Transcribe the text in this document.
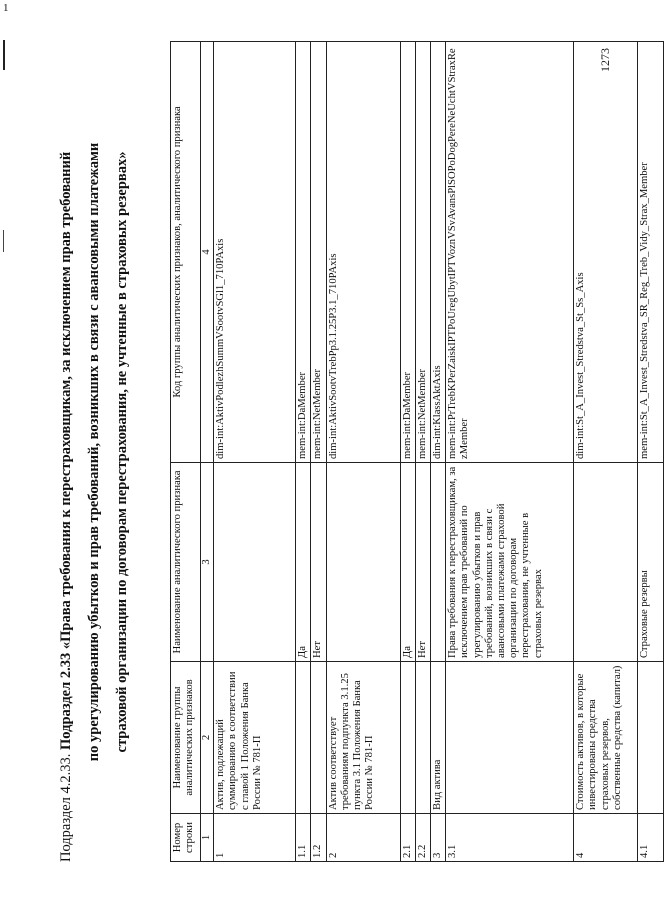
1
Подраздел 4.2.33. Подраздел 2.33 «Права требования к перестраховщикам, за исключением прав требований по урегулированию убытков и прав требований, возникших в связи с авансовыми платежами страховой организации по договорам перестрахования, не учтенные в страховых резервах»
Номер строки	Наименование группы аналитических признаков	Наименование аналитического признака	Код группы аналитических признаков, аналитического признака
1	2	3	4
1	Актив, подлежащий суммированию в соответствии с главой 1 Положения Банка России № 781-П		dim-int:AktivPodlezhSummVSootvSGl1_710PAxis
1.1		Да	mem-int:DaMember
1.2		Нет	mem-int:NetMember
2	Актив соответствует требованиям подпункта 3.1.25 пункта 3.1 Положения Банка России № 781-П		dim-int:AktivSootvTrebPp3.1.25P3.1_710PAxis
2.1		Да	mem-int:DaMember
2.2		Нет	mem-int:NetMember
3	Вид актива		dim-int:KlassAktAxis
3.1		Права требования к перестраховщикам, за исключением прав требований по урегулированию убытков и прав требований, возникших в связи с авансовыми платежами страховой организации по договорам перестрахования, не учтенные в страховых резервах	mem-int:PrTrebKPerZaiskIPTPoUregUbytIPTVoznVSvAvansPlSOPoDogPereNeUchtVStraxRezMember
4	Стоимость активов, в которые инвестированы средства страховых резервов, собственные средства (капитал)		dim-int:St_A_Invest_Stredstva_St_Ss_Axis
4.1		Страховые резервы	mem-int:St_A_Invest_Stredstva_SR_Reg_Treb_Vidy_Strax_Member
1273
